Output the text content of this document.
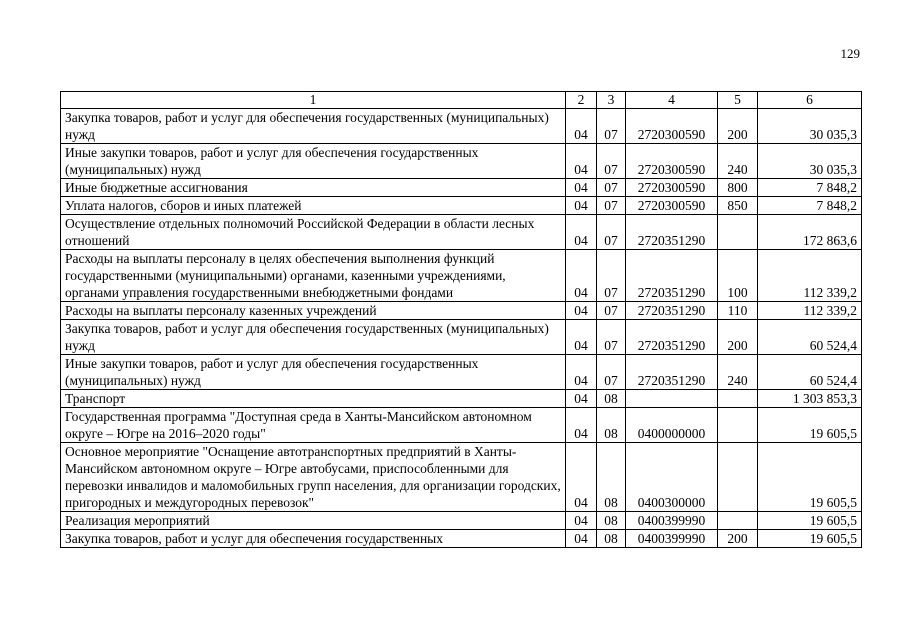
129
1	2	3	4	5	6
Закупка товаров, работ и услуг для обеспечения государственных (муниципальных) нужд	04	07	2720300590	200	30 035,3
Иные закупки товаров, работ и услуг для обеспечения государственных (муниципальных) нужд	04	07	2720300590	240	30 035,3
Иные бюджетные ассигнования	04	07	2720300590	800	7 848,2
Уплата налогов, сборов и иных платежей	04	07	2720300590	850	7 848,2
Осуществление отдельных полномочий Российской Федерации в области лесных отношений	04	07	2720351290		172 863,6
Расходы на выплаты персоналу в целях обеспечения выполнения функций государственными (муниципальными) органами, казенными учреждениями, органами управления государственными внебюджетными фондами	04	07	2720351290	100	112 339,2
Расходы на выплаты персоналу казенных учреждений	04	07	2720351290	110	112 339,2
Закупка товаров, работ и услуг для обеспечения государственных (муниципальных) нужд	04	07	2720351290	200	60 524,4
Иные закупки товаров, работ и услуг для обеспечения государственных (муниципальных) нужд	04	07	2720351290	240	60 524,4
Транспорт	04	08			1 303 853,3
Государственная программа "Доступная среда в Ханты-Мансийском автономном округе – Югре на 2016–2020 годы"	04	08	0400000000		19 605,5
Основное мероприятие "Оснащение автотранспортных предприятий в Ханты-Мансийском автономном округе – Югре автобусами, приспособленными для перевозки инвалидов и маломобильных групп населения, для организации городских, пригородных и междугородных перевозок"	04	08	0400300000		19 605,5
Реализация мероприятий	04	08	0400399990		19 605,5
Закупка товаров, работ и услуг для обеспечения государственных	04	08	0400399990	200	19 605,5
